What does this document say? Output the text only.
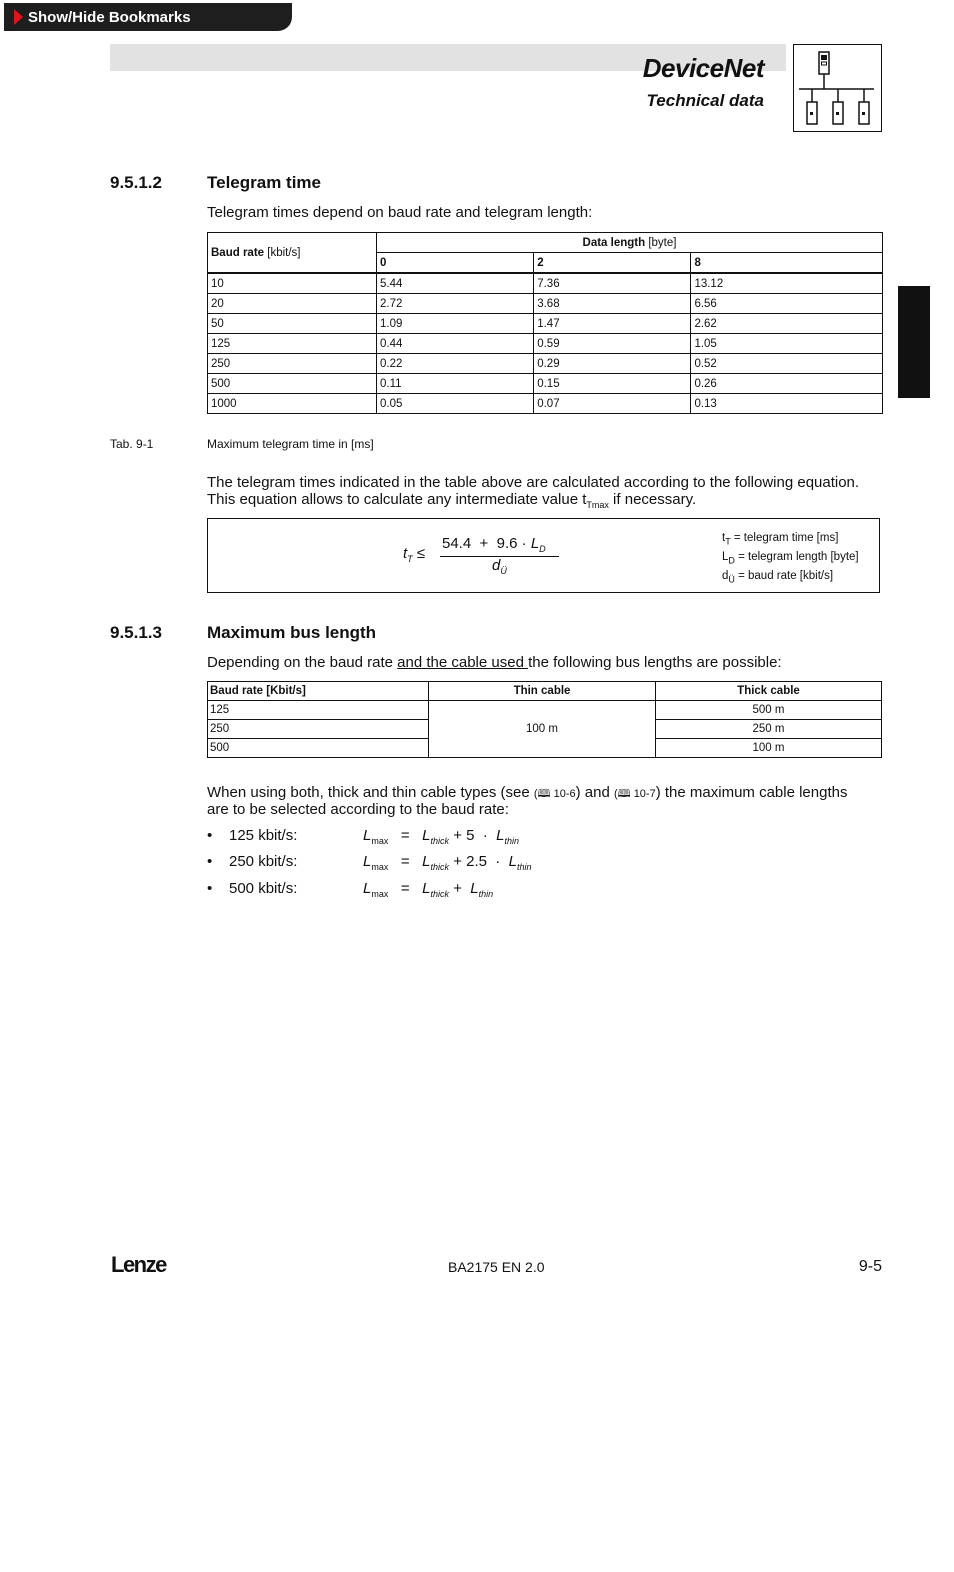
Show/Hide Bookmarks
DeviceNet
Technical data
9.5.1.2	Telegram time
Telegram times depend on baud rate and telegram length:
Baud rate [kbit/s]	Data length [byte]		
	0	2	8
10	5.44	7.36	13.12
20	2.72	3.68	6.56
50	1.09	1.47	2.62
125	0.44	0.59	1.05
250	0.22	0.29	0.52
500	0.11	0.15	0.26
1000	0.05	0.07	0.13
Tab. 9-1	Maximum telegram time in [ms]
The telegram times indicated in the table above are calculated according to the following equation.
This equation allows to calculate any intermediate value $t_{Tmax}$ if necessary.
$t_T$ ≤
$54.4 + 9.6 \cdot L_D$
$d_Ü$
$t_T$ = telegram time [ms]
$L_D$ = telegram length [byte]
$d_Ü$ = baud rate [kbit/s]
9.5.1.3	Maximum bus length
Depending on the baud rate and the cable used the following bus lengths are possible:
Baud rate [Kbit/s]	Thin cable	Thick cable
125	100 m	500 m
250		250 m
500		100 m
When using both, thick and thin cable types (see (🕮 10-6) and (🕮 10-7) the maximum cable lengths
are to be selected according to the baud rate:
• 125 kbit/s:	$L_{max} = L_{thick} + 5 \cdot L_{thin}$
• 250 kbit/s:	$L_{max} = L_{thick} + 2.5 \cdot L_{thin}$
• 500 kbit/s:	$L_{max} = L_{thick} + L_{thin}$
Lenze	BA2175 EN 2.0	9-5
